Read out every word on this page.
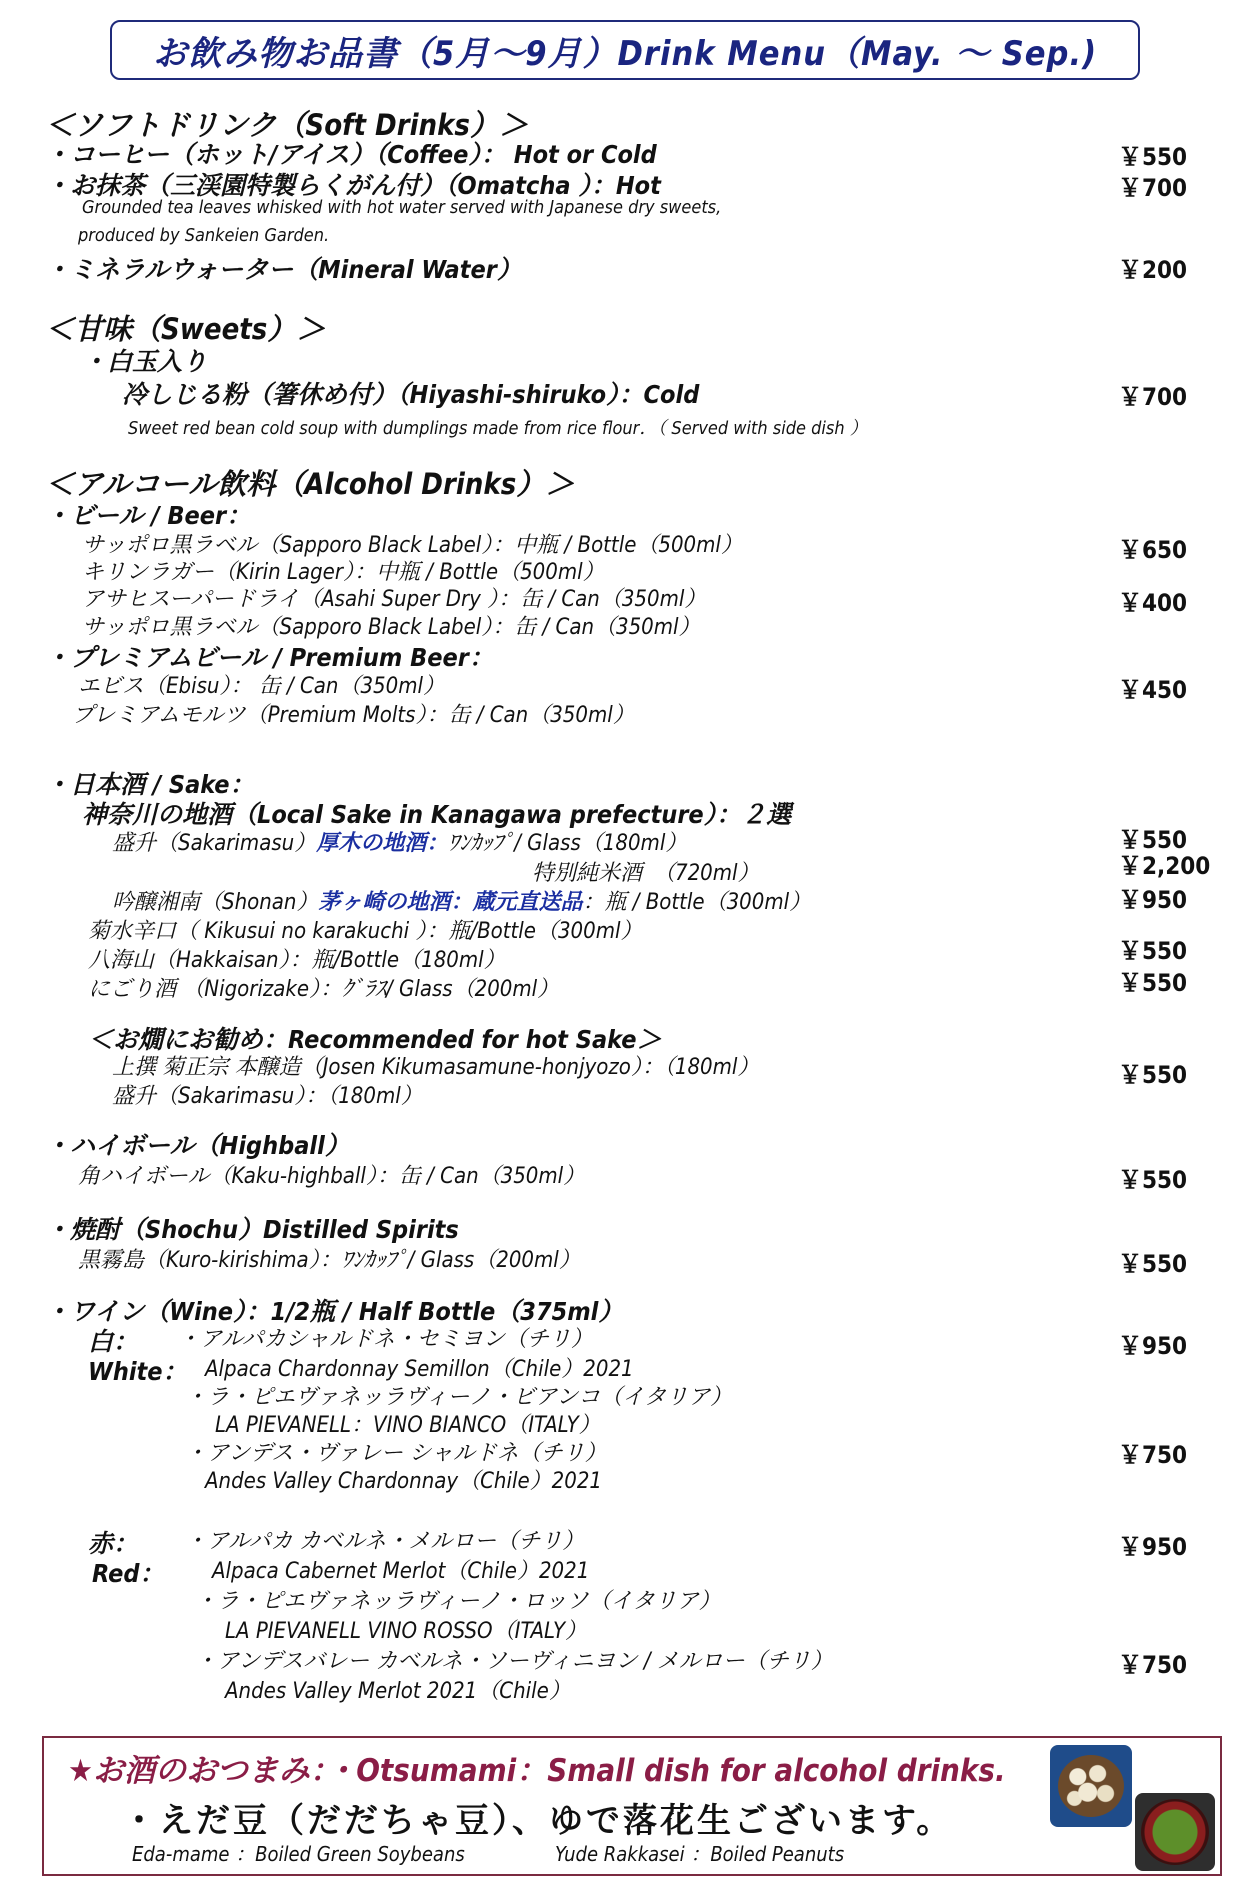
お飲み物お品書（5月〜9月）Drink Menu（May. 〜 Sep.)
＜ソフトドリンク（Soft Drinks）＞
・コーヒー（ホット/アイス）（Coffee）： Hot or Cold	￥550
・お抹茶（三渓園特製らくがん付）（Omatcha ）：Hot	￥700
Grounded tea leaves whisked with hot water served with Japanese dry sweets,
produced by Sankeien Garden.
・ミネラルウォーター（Mineral Water）	￥200
＜甘味（Sweets）＞
・白玉入り
冷しじる粉（箸休め付）（Hiyashi-shiruko）：Cold	￥700
Sweet red bean cold soup with dumplings made from rice flour．（ Served with side dish ）
＜アルコール飲料（Alcohol Drinks）＞
・ビール / Beer：
サッポロ黒ラベル（Sapporo Black Label）：中瓶 / Bottle（500ml）	￥650
キリンラガー（Kirin Lager）：中瓶 / Bottle（500ml）
アサヒスーパードライ（Asahi Super Dry ）：缶 / Can（350ml）	￥400
サッポロ黒ラベル（Sapporo Black Label）：缶 / Can（350ml）
・プレミアムビール / Premium Beer：
エビス（Ebisu）： 缶 / Can（350ml）	￥450
プレミアムモルツ（Premium Molts）：缶 / Can（350ml）
・日本酒 / Sake：
神奈川の地酒（Local Sake in Kanagawa prefecture）：２選
盛升（Sakarimasu）厚木の地酒：ﾜﾝｶｯﾌﾟ/ Glass（180ml）	￥550
特別純米酒　（720ml）	￥2,200
吟醸湘南（Shonan）茅ヶ崎の地酒：蔵元直送品：瓶 / Bottle（300ml）	￥950
菊水辛口（ Kikusui no karakuchi ）：瓶/Bottle（300ml）
八海山（Hakkaisan）：瓶/Bottle（180ml）	￥550
にごり酒 （Nigorizake）：ｸﾞﾗｽ/ Glass（200ml）	￥550
＜お燗にお勧め：Recommended for hot Sake＞
上撰 菊正宗 本醸造（Josen Kikumasamune-honjyozo）：（180ml）	￥550
盛升（Sakarimasu）：（180ml）
・ハイボール（Highball）
角ハイボール（Kaku-highball）：缶 / Can（350ml）	￥550
・焼酎（Shochu）Distilled Spirits
黒霧島（Kuro-kirishima）：ﾜﾝｶｯﾌﾟ/ Glass（200ml）	￥550
・ワイン（Wine）：1/2瓶 / Half Bottle（375ml）
白：
White：
・アルパカシャルドネ・セミヨン（チリ）	￥950
Alpaca Chardonnay Semillon（Chile）2021
・ラ・ピエヴァネッラヴィーノ・ビアンコ（イタリア）
LA PIEVANELL：VINO BIANCO（ITALY）
・アンデス・ヴァレー シャルドネ（チリ）	￥750
Andes Valley Chardonnay（Chile）2021
赤：
Red：
・アルパカ カベルネ・メルロー（チリ）	￥950
Alpaca Cabernet Merlot（Chile）2021
・ラ・ピエヴァネッラヴィーノ・ロッソ（イタリア）
LA PIEVANELL VINO ROSSO（ITALY）
・アンデスバレー カベルネ・ソーヴィニヨン / メルロー（チリ）	￥750
Andes Valley Merlot 2021（Chile）
★お酒のおつまみ：・Otsumami：Small dish for alcohol drinks.
・えだ豆（だだちゃ豆）、ゆで落花生ございます。
Eda-mame ：Boiled Green Soybeans	Yude Rakkasei ：Boiled Peanuts
